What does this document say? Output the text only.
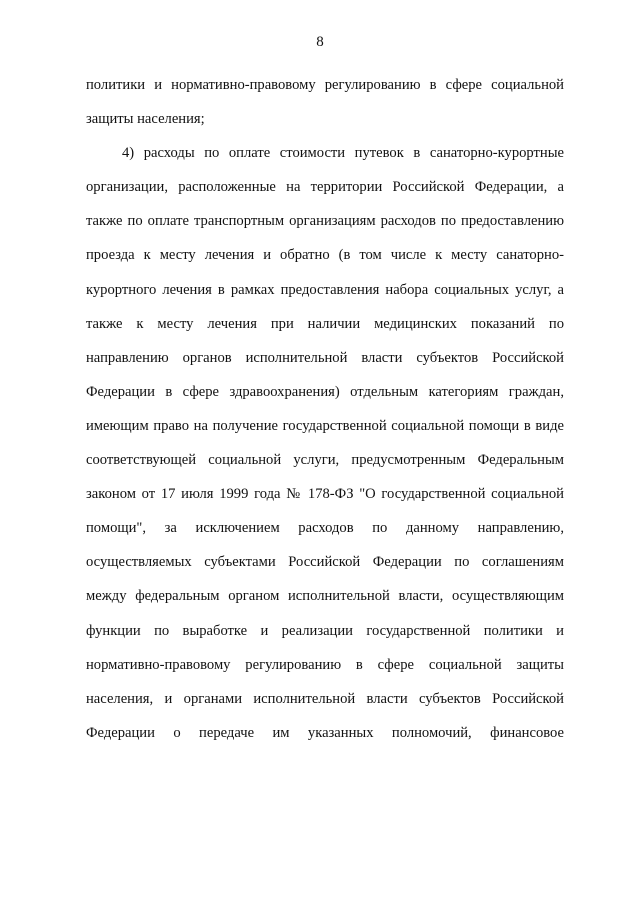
8
политики и нормативно-правовому регулированию в сфере социальной
защиты населения;
4) расходы по оплате стоимости путевок в санаторно-курортные
организации, расположенные на территории Российской Федерации, а
также по оплате транспортным организациям расходов по предоставлению
проезда к месту лечения и обратно (в том числе к месту санаторно-
курортного лечения в рамках предоставления набора социальных услуг, а
также к месту лечения при наличии медицинских показаний по
направлению органов исполнительной власти субъектов Российской
Федерации в сфере здравоохранения) отдельным категориям граждан,
имеющим право на получение государственной социальной помощи в виде
соответствующей социальной услуги, предусмотренным Федеральным
законом от 17 июля 1999 года № 178-ФЗ "О государственной социальной
помощи", за исключением расходов по данному направлению,
осуществляемых субъектами Российской Федерации по соглашениям
между федеральным органом исполнительной власти, осуществляющим
функции по выработке и реализации государственной политики и
нормативно-правовому регулированию в сфере социальной защиты
населения, и органами исполнительной власти субъектов Российской
Федерации о передаче им указанных полномочий, финансовое
